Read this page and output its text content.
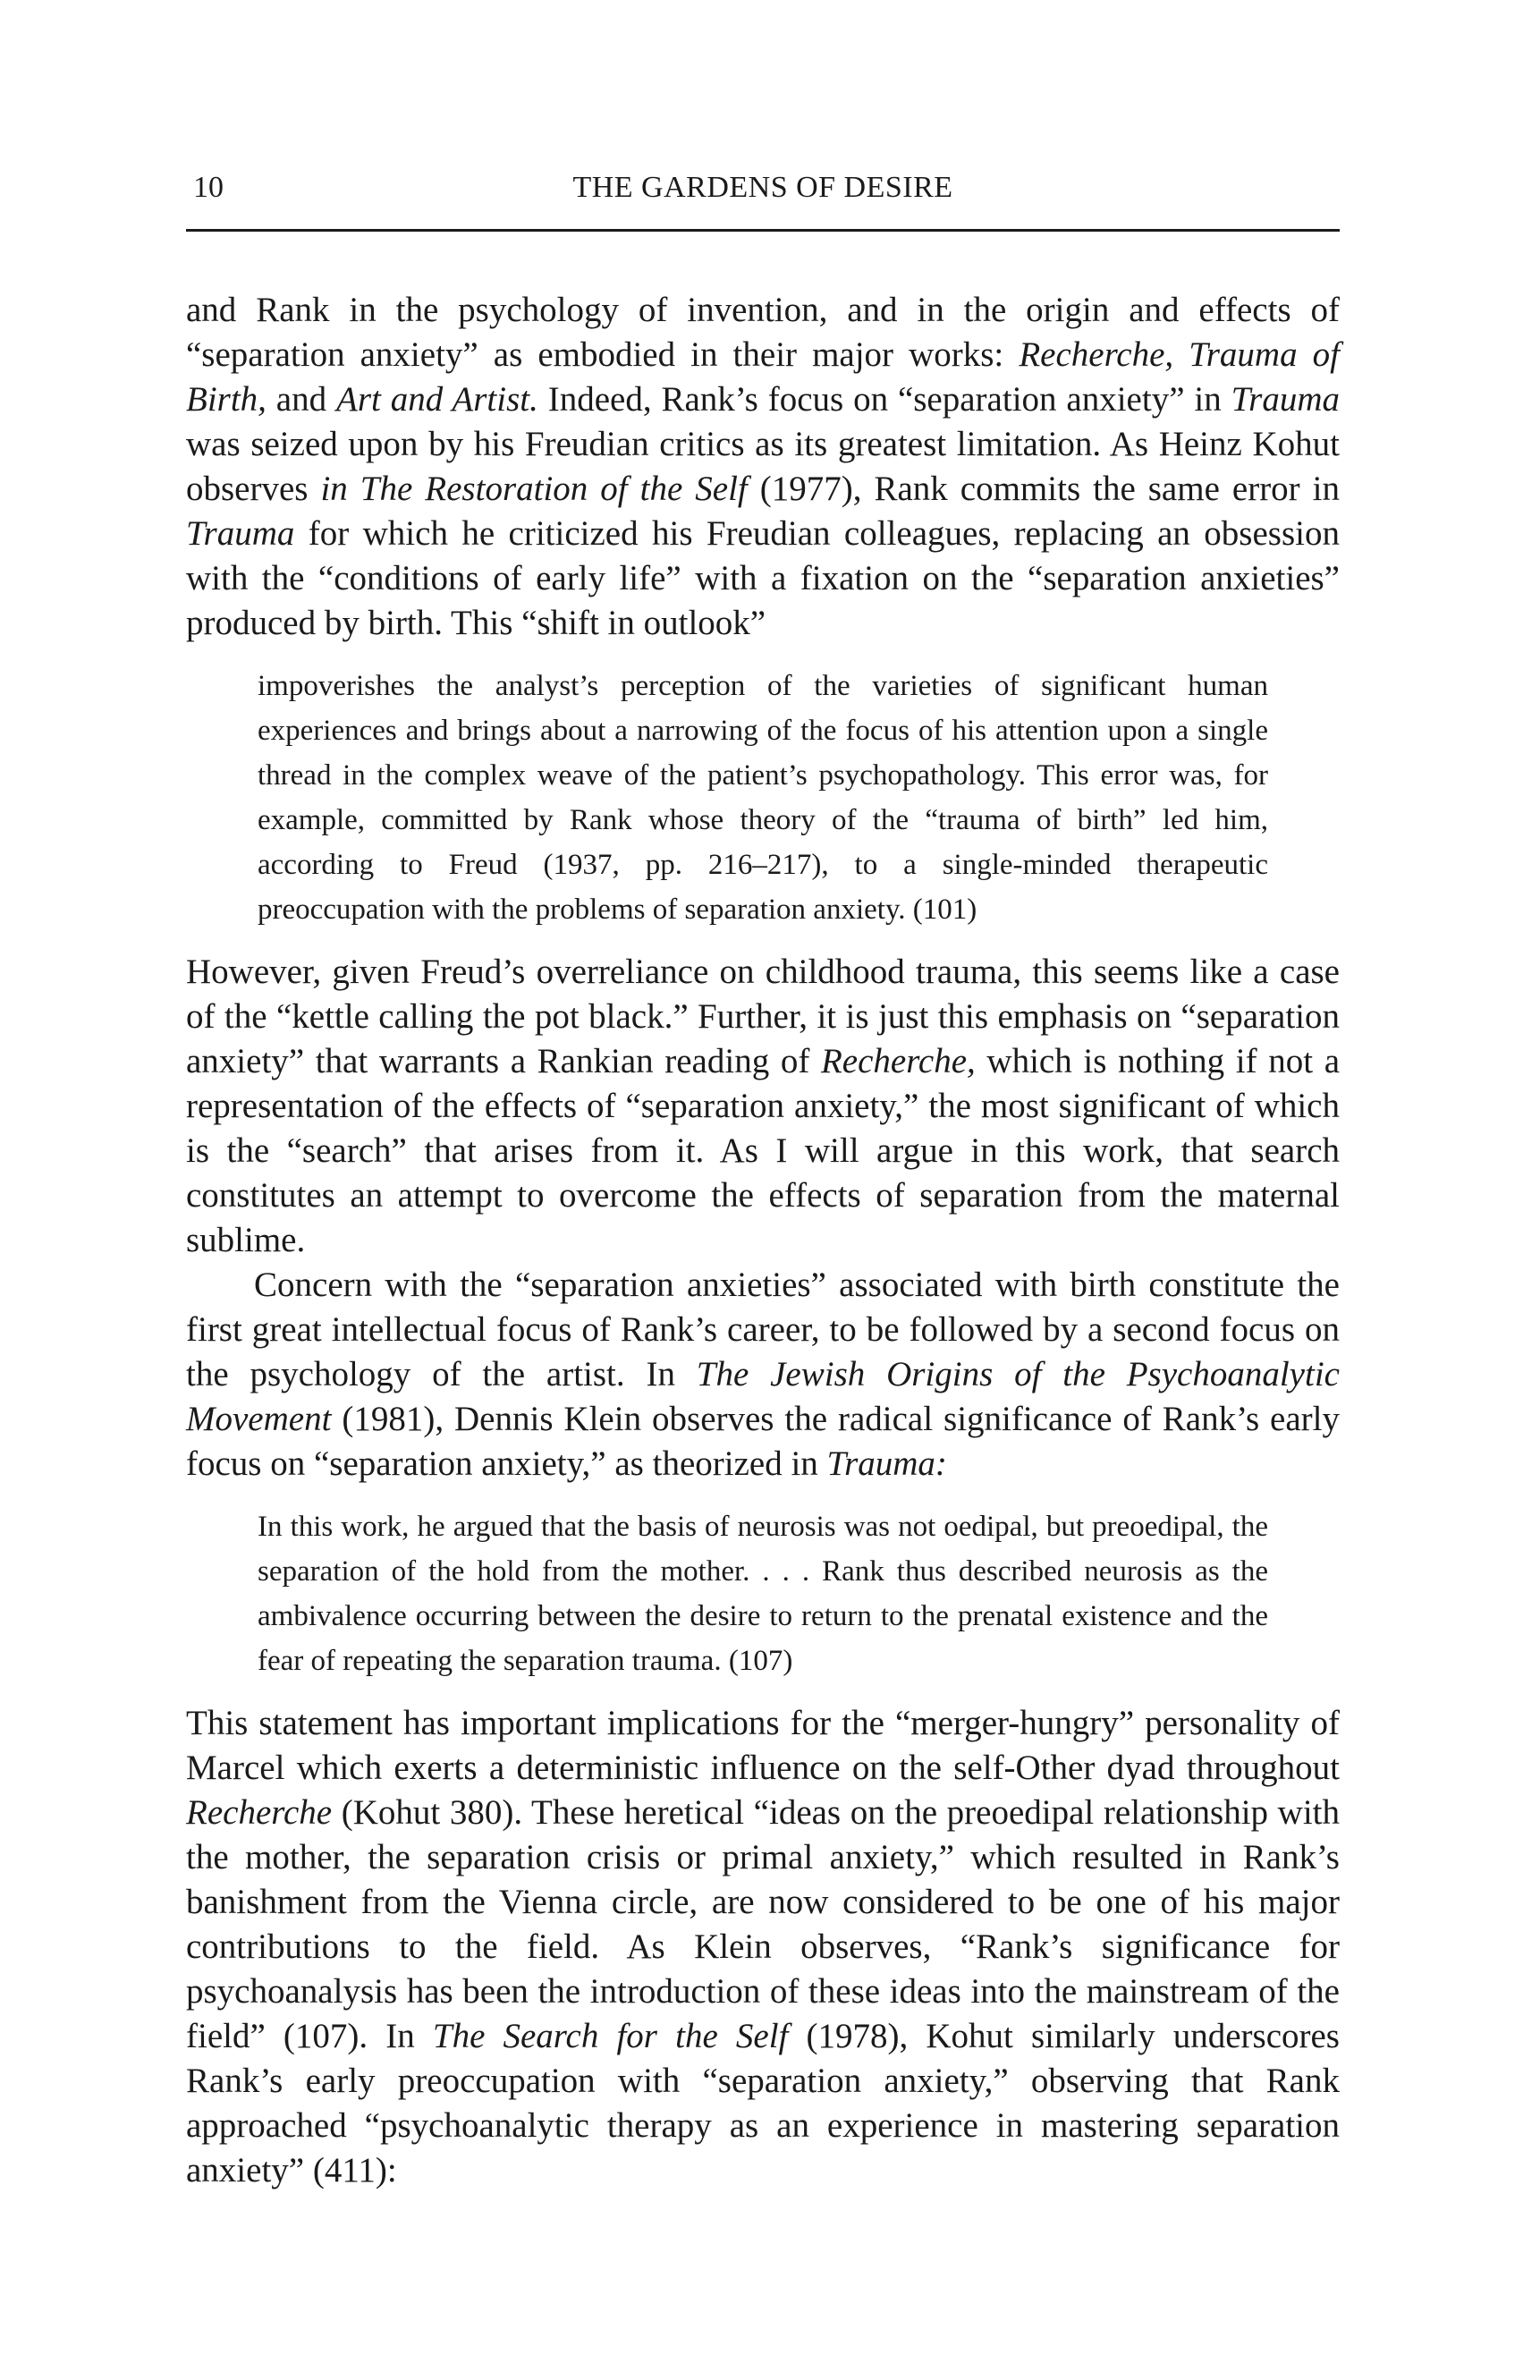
10	THE GARDENS OF DESIRE

and Rank in the psychology of invention, and in the origin and effects of “separation anxiety” as embodied in their major works: Recherche, Trauma of Birth, and Art and Artist. Indeed, Rank’s focus on “separation anxiety” in Trauma was seized upon by his Freudian critics as its greatest limitation. As Heinz Kohut observes in The Restoration of the Self (1977), Rank commits the same error in Trauma for which he criticized his Freudian colleagues, replacing an obsession with the “conditions of early life” with a fixation on the “separation anxieties” produced by birth. This “shift in outlook”

impoverishes the analyst’s perception of the varieties of significant human experiences and brings about a narrowing of the focus of his attention upon a single thread in the complex weave of the patient’s psychopathology. This error was, for example, committed by Rank whose theory of the “trauma of birth” led him, according to Freud (1937, pp. 216–217), to a single-minded therapeutic preoccupation with the problems of separation anxiety. (101)

However, given Freud’s overreliance on childhood trauma, this seems like a case of the “kettle calling the pot black.” Further, it is just this emphasis on “separation anxiety” that warrants a Rankian reading of Recherche, which is nothing if not a representation of the effects of “separation anxiety,” the most significant of which is the “search” that arises from it. As I will argue in this work, that search constitutes an attempt to overcome the effects of separation from the maternal sublime.

Concern with the “separation anxieties” associated with birth constitute the first great intellectual focus of Rank’s career, to be followed by a second focus on the psychology of the artist. In The Jewish Origins of the Psychoanalytic Movement (1981), Dennis Klein observes the radical significance of Rank’s early focus on “separation anxiety,” as theorized in Trauma:

In this work, he argued that the basis of neurosis was not oedipal, but preoedipal, the separation of the hold from the mother. . . . Rank thus described neurosis as the ambivalence occurring between the desire to return to the prenatal existence and the fear of repeating the separation trauma. (107)

This statement has important implications for the “merger-hungry” personality of Marcel which exerts a deterministic influence on the self-Other dyad throughout Recherche (Kohut 380). These heretical “ideas on the preoedipal relationship with the mother, the separation crisis or primal anxiety,” which resulted in Rank’s banishment from the Vienna circle, are now considered to be one of his major contributions to the field. As Klein observes, “Rank’s significance for psychoanalysis has been the introduction of these ideas into the mainstream of the field” (107). In The Search for the Self (1978), Kohut similarly underscores Rank’s early preoccupation with “separation anxiety,” observing that Rank approached “psychoanalytic therapy as an experience in mastering separation anxiety” (411):
